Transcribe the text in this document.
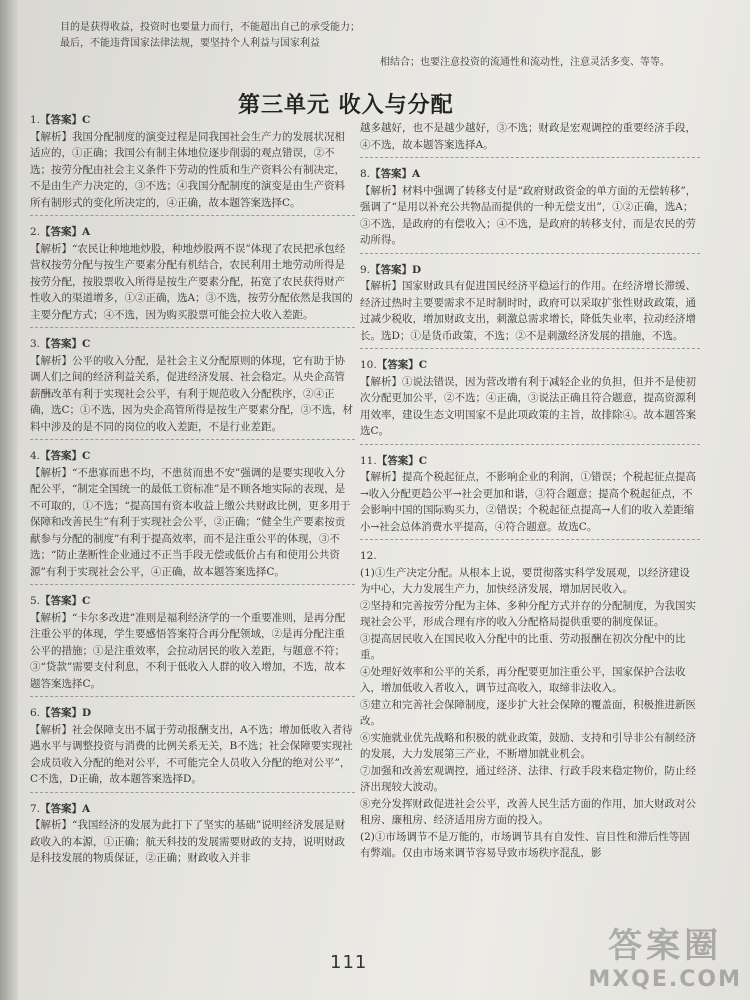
目的是获得收益，投资时也要量力而行，不能超出自己的承受能力；最后，不能违背国家法律法规，要坚持个人利益与国家利益
相结合；也要注意投资的流通性和流动性，注意灵活多变、等等。
第三单元 收入与分配
1.【答案】C
【解析】我国分配制度的演变过程是同我国社会生产力的发展状况相适应的，①正确；我国公有制主体地位逐步削弱的观点错误，②不选；按劳分配由社会主义条件下劳动的性质和生产资料公有制决定，不是由生产力决定的，③不选；④我国分配制度的演变是由生产资料所有制形式的变化所决定的，④正确，故本题答案选择C。
2.【答案】A
【解析】“农民让种地地炒股，种地炒股两不误”体现了农民把承包经营权按劳分配与按生产要素分配有机结合，农民利用土地劳动所得是按劳分配，按股票收入所得是按生产要素分配，拓宽了农民获得财产性收入的渠道增多，①②正确，选A；③不选，按劳分配依然是我国的主要分配方式；④不选，因为购买股票可能会拉大收入差距。
3.【答案】C
【解析】公平的收入分配，是社会主义分配原则的体现，它有助于协调人们之间的经济利益关系，促进经济发展、社会稳定。从央企高管薪酬改革有利于实现社会公平，有利于规范收入分配秩序，②④正确，选C；①不选，因为央企高管所得是按生产要素分配，③不选，材料中涉及的是不同的岗位的收入差距，不是行业差距。
4.【答案】C
【解析】“不患寡而患不均，不患贫而患不安”强调的是要实现收入分配公平，“制定全国统一的最低工资标准”是不顾各地实际的表现，是不可取的，①不选；“提高国有资本收益上缴公共财政比例，更多用于保障和改善民生”有利于实现社会公平，②正确；“健全生产要素按贡献参与分配的制度”有利于提高效率，而不是注重公平的体现，③不选；“防止垄断性企业通过不正当手段无偿或低价占有和使用公共资源”有利于实现社会公平，④正确，故本题答案选择C。
5.【答案】C
【解析】“卡尔多改进”准则是福利经济学的一个重要准则，是再分配注重公平的体现，学生要感悟答案符合再分配领域，②是再分配注重公平的措施；①是注重效率，会拉动居民的收入差距，与题意不符；③“贷款”需要支付利息，不利于低收入人群的收入增加，不选，故本题答案选择C。
6.【答案】D
【解析】社会保障支出不属于劳动报酬支出，A不选；增加低收入者待遇水平与调整投资与消费的比例关系无关，B不选；社会保障要实现社会成员收入分配的绝对公平，不可能完全人员收入分配的绝对公平”，C不选，D正确，故本题答案选择D。
7.【答案】A
【解析】“我国经济的发展为此打下了坚实的基础”说明经济发展是财政收入的本源，①正确；航天科技的发展需要财政的支持，说明财政是科技发展的物质保证，②正确；财政收入并非
越多越好，也不是越少越好，③不选；财政是宏观调控的重要经济手段，④不选，故本题答案选择A。
8.【答案】A
【解析】材料中强调了转移支付是“政府财政资金的单方面的无偿转移”，强调了“是用以补充公共物品而提供的一种无偿支出”，①②正确，选A；③不选，是政府的有偿收入；④不选，是政府的转移支付，而是农民的劳动所得。
9.【答案】D
【解析】国家财政具有促进国民经济平稳运行的作用。在经济增长滞缓、经济过热时主要要需求不足时制时时，政府可以采取扩张性财政政策，通过减少税收，增加财政支出，刺激总需求增长，降低失业率，拉动经济增长。选D；①是货币政策，不选；②不是刺激经济发展的措施，不选。
10.【答案】C
【解析】①说法错误，因为营改增有利于减轻企业的负担，但并不是使初次分配更加公平，②不选；④正确，③说法正确且符合题意，提高资源利用效率，建设生态文明国家不是此项政策的主旨，故排除④。故本题答案选C。
11.【答案】C
【解析】提高个税起征点，不影响企业的利润，①错误；个税起征点提高→收入分配更趋公平→社会更加和谐，③符合题意；提高个税起征点，不会影响中国的国际购买力，②错误；个税起征点提高→人们的收入差距缩小→社会总体消费水平提高，④符合题意。故选C。
12.
(1)①生产决定分配。从根本上说，要贯彻落实科学发展观，以经济建设为中心，大力发展生产力，加快经济发展，增加居民收入。
②坚持和完善按劳分配为主体、多种分配方式并存的分配制度，为我国实现社会公平，形成合理有序的收入分配格局提供重要的制度保证。
③提高居民收入在国民收入分配中的比重、劳动报酬在初次分配中的比重。
④处理好效率和公平的关系，再分配要更加注重公平，国家保护合法收入，增加低收入者收入，调节过高收入，取缔非法收入。
⑤建立和完善社会保障制度，逐步扩大社会保障的覆盖面，积极推进新医改。
⑥实施就业优先战略和积极的就业政策，鼓励、支持和引导非公有制经济的发展，大力发展第三产业，不断增加就业机会。
⑦加强和改善宏观调控，通过经济、法律、行政手段来稳定物价，防止经济出现较大波动。
⑧充分发挥财政促进社会公平，改善人民生活方面的作用，加大财政对公租房、廉租房、经济适用房方面的投入。
(2)①市场调节不是万能的，市场调节具有自发性、盲目性和滞后性等固有弊端。仅由市场来调节容易导致市场秩序混乱，影
111	答案圈
MXQE.COM
